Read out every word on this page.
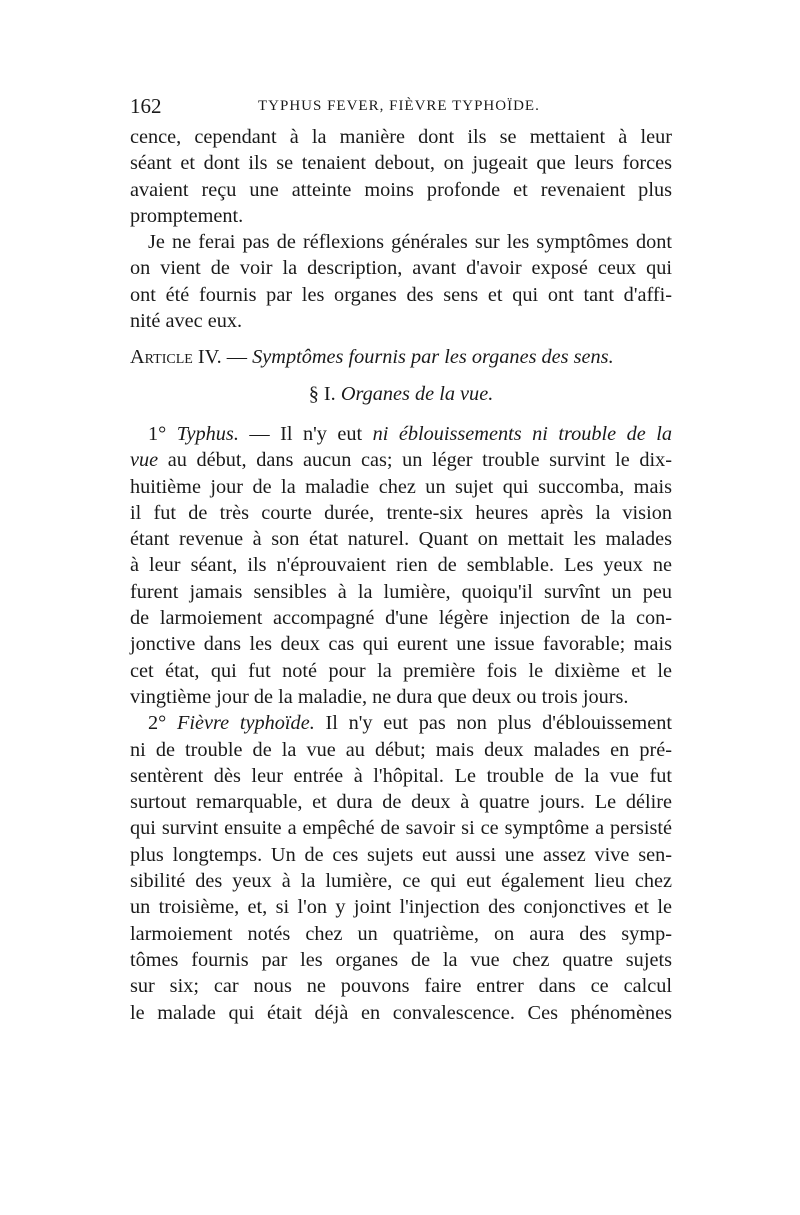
162	TYPHUS FEVER, FIÈVRE TYPHOÏDE.
cence, cependant à la manière dont ils se mettaient à leur
séant et dont ils se tenaient debout, on jugeait que leurs forces
avaient reçu une atteinte moins profonde et revenaient plus
promptement.
Je ne ferai pas de réflexions générales sur les symptômes dont
on vient de voir la description, avant d'avoir exposé ceux qui
ont été fournis par les organes des sens et qui ont tant d'affi-
nité avec eux.
Article IV. — Symptômes fournis par les organes des sens.
§ I. Organes de la vue.
1° Typhus. — Il n'y eut ni éblouissements ni trouble de la
vue au début, dans aucun cas; un léger trouble survint le dix-
huitième jour de la maladie chez un sujet qui succomba, mais
il fut de très courte durée, trente-six heures après la vision
étant revenue à son état naturel. Quant on mettait les malades
à leur séant, ils n'éprouvaient rien de semblable. Les yeux ne
furent jamais sensibles à la lumière, quoiqu'il survînt un peu
de larmoiement accompagné d'une légère injection de la con-
jonctive dans les deux cas qui eurent une issue favorable; mais
cet état, qui fut noté pour la première fois le dixième et le
vingtième jour de la maladie, ne dura que deux ou trois jours.
2° Fièvre typhoïde. Il n'y eut pas non plus d'éblouissement
ni de trouble de la vue au début; mais deux malades en pré-
sentèrent dès leur entrée à l'hôpital. Le trouble de la vue fut
surtout remarquable, et dura de deux à quatre jours. Le délire
qui survint ensuite a empêché de savoir si ce symptôme a persisté
plus longtemps. Un de ces sujets eut aussi une assez vive sen-
sibilité des yeux à la lumière, ce qui eut également lieu chez
un troisième, et, si l'on y joint l'injection des conjonctives et le
larmoiement notés chez un quatrième, on aura des symp-
tômes fournis par les organes de la vue chez quatre sujets
sur six; car nous ne pouvons faire entrer dans ce calcul
le malade qui était déjà en convalescence. Ces phénomènes
